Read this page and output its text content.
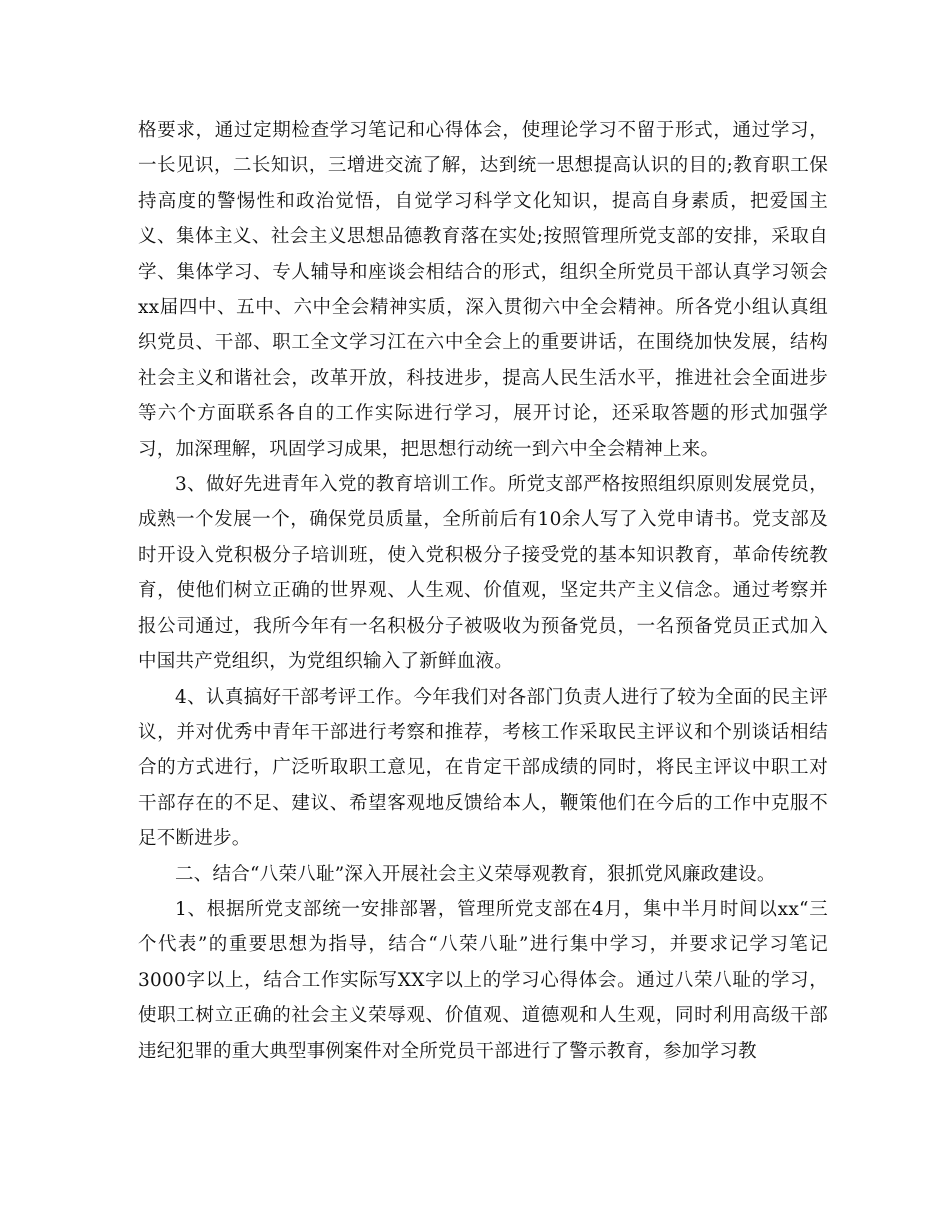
格要求，通过定期检查学习笔记和心得体会，使理论学习不留于形式，通过学习，一长见识，二长知识，三增进交流了解，达到统一思想提高认识的目的;教育职工保持高度的警惕性和政治觉悟，自觉学习科学文化知识，提高自身素质，把爱国主义、集体主义、社会主义思想品德教育落在实处;按照管理所党支部的安排，采取自学、集体学习、专人辅导和座谈会相结合的形式，组织全所党员干部认真学习领会xx届四中、五中、六中全会精神实质，深入贯彻六中全会精神。所各党小组认真组织党员、干部、职工全文学习江在六中全会上的重要讲话，在围绕加快发展，结构社会主义和谐社会，改革开放，科技进步，提高人民生活水平，推进社会全面进步等六个方面联系各自的工作实际进行学习，展开讨论，还采取答题的形式加强学习，加深理解，巩固学习成果，把思想行动统一到六中全会精神上来。

3、做好先进青年入党的教育培训工作。所党支部严格按照组织原则发展党员，成熟一个发展一个，确保党员质量，全所前后有10余人写了入党申请书。党支部及时开设入党积极分子培训班，使入党积极分子接受党的基本知识教育，革命传统教育，使他们树立正确的世界观、人生观、价值观，坚定共产主义信念。通过考察并报公司通过，我所今年有一名积极分子被吸收为预备党员，一名预备党员正式加入中国共产党组织，为党组织输入了新鲜血液。

4、认真搞好干部考评工作。今年我们对各部门负责人进行了较为全面的民主评议，并对优秀中青年干部进行考察和推荐，考核工作采取民主评议和个别谈话相结合的方式进行，广泛听取职工意见，在肯定干部成绩的同时，将民主评议中职工对干部存在的不足、建议、希望客观地反馈给本人，鞭策他们在今后的工作中克服不足不断进步。

二、结合“八荣八耻”深入开展社会主义荣辱观教育，狠抓党风廉政建设。

1、根据所党支部统一安排部署，管理所党支部在4月，集中半月时间以xx“三个代表”的重要思想为指导，结合“八荣八耻”进行集中学习，并要求记学习笔记3000字以上，结合工作实际写XX字以上的学习心得体会。通过八荣八耻的学习，使职工树立正确的社会主义荣辱观、价值观、道德观和人生观，同时利用高级干部违纪犯罪的重大典型事例案件对全所党员干部进行了警示教育，参加学习教
